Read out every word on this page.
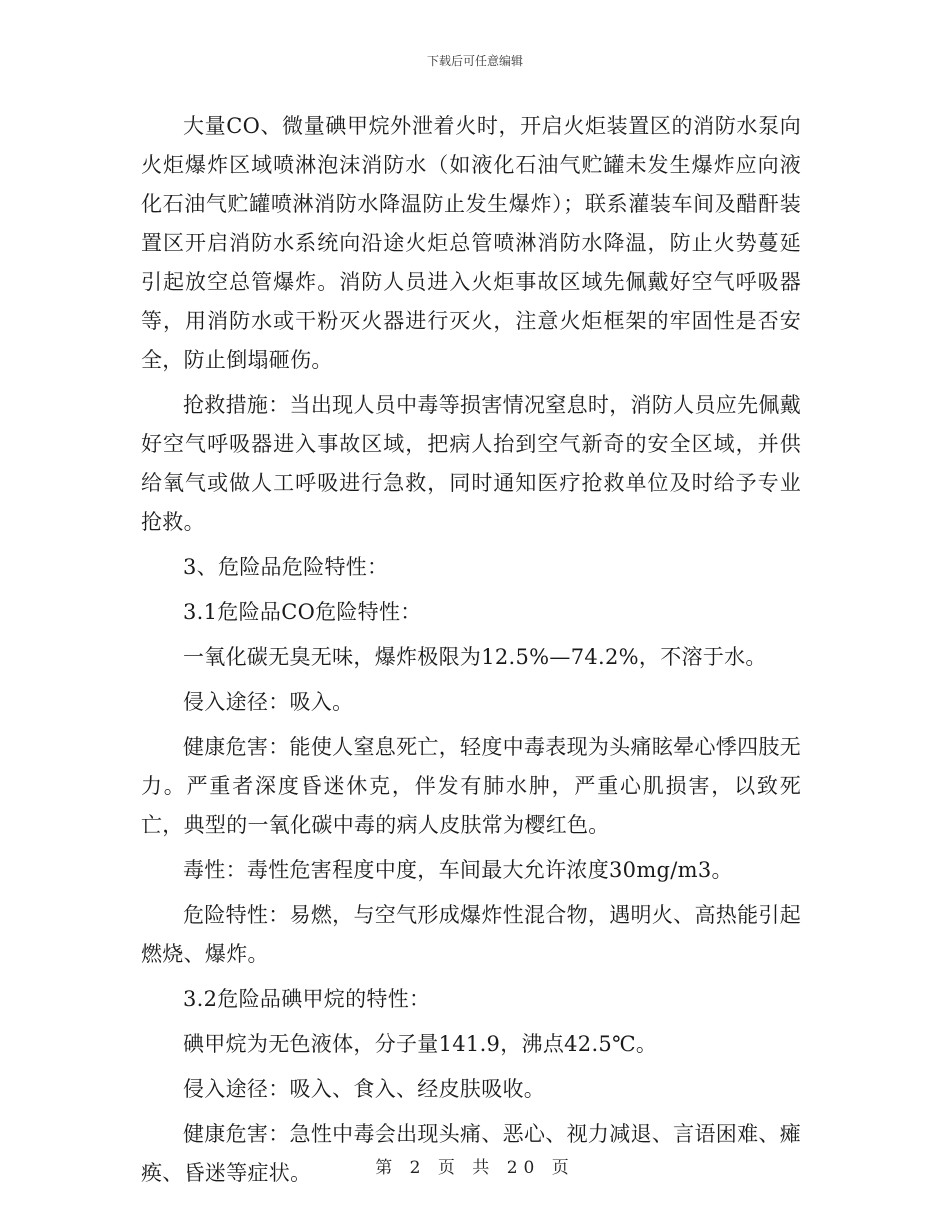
下载后可任意编辑

大量CO、微量碘甲烷外泄着火时，开启火炬装置区的消防水泵向火炬爆炸区域喷淋泡沫消防水（如液化石油气贮罐未发生爆炸应向液化石油气贮罐喷淋消防水降温防止发生爆炸）；联系灌装车间及醋酐装置区开启消防水系统向沿途火炬总管喷淋消防水降温，防止火势蔓延引起放空总管爆炸。消防人员进入火炬事故区域先佩戴好空气呼吸器等，用消防水或干粉灭火器进行灭火，注意火炬框架的牢固性是否安全，防止倒塌砸伤。

抢救措施：当出现人员中毒等损害情况窒息时，消防人员应先佩戴好空气呼吸器进入事故区域，把病人抬到空气新奇的安全区域，并供给氧气或做人工呼吸进行急救，同时通知医疗抢救单位及时给予专业抢救。

3、危险品危险特性：

3.1危险品CO危险特性：

一氧化碳无臭无味，爆炸极限为12.5%—74.2%，不溶于水。

侵入途径：吸入。

健康危害：能使人窒息死亡，轻度中毒表现为头痛眩晕心悸四肢无力。严重者深度昏迷休克，伴发有肺水肿，严重心肌损害，以致死亡，典型的一氧化碳中毒的病人皮肤常为樱红色。

毒性：毒性危害程度中度，车间最大允许浓度30mg/m3。

危险特性：易燃，与空气形成爆炸性混合物，遇明火、高热能引起燃烧、爆炸。

3.2危险品碘甲烷的特性：

碘甲烷为无色液体，分子量141.9，沸点42.5℃。

侵入途径：吸入、食入、经皮肤吸收。

健康危害：急性中毒会出现头痛、恶心、视力减退、言语困难、瘫痪、昏迷等症状。	第 2 页 共 20 页
